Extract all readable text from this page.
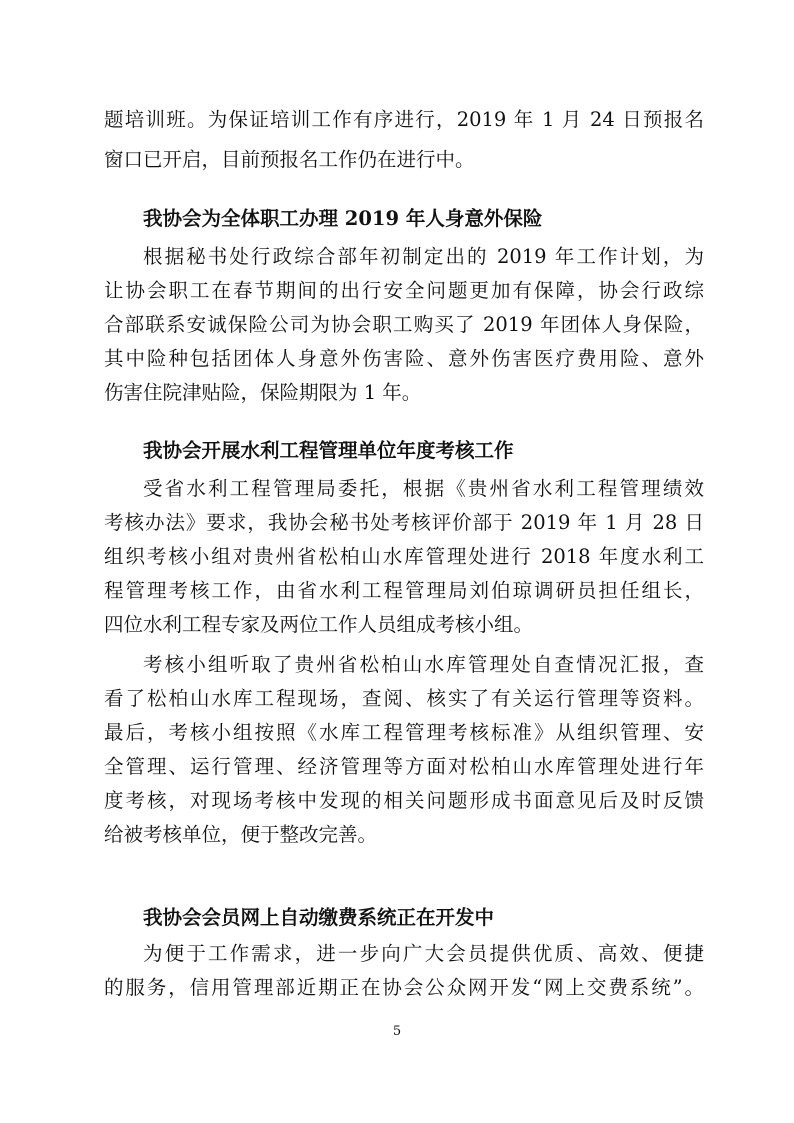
题培训班。为保证培训工作有序进行，2019 年 1 月 24 日预报名
窗口已开启，目前预报名工作仍在进行中。
我协会为全体职工办理 2019 年人身意外保险
根据秘书处行政综合部年初制定出的 2019 年工作计划，为
让协会职工在春节期间的出行安全问题更加有保障，协会行政综
合部联系安诚保险公司为协会职工购买了 2019 年团体人身保险，
其中险种包括团体人身意外伤害险、意外伤害医疗费用险、意外
伤害住院津贴险，保险期限为 1 年。
我协会开展水利工程管理单位年度考核工作
受省水利工程管理局委托，根据《贵州省水利工程管理绩效
考核办法》要求，我协会秘书处考核评价部于 2019 年 1 月 28 日
组织考核小组对贵州省松柏山水库管理处进行 2018 年度水利工
程管理考核工作，由省水利工程管理局刘伯琼调研员担任组长，
四位水利工程专家及两位工作人员组成考核小组。
考核小组听取了贵州省松柏山水库管理处自查情况汇报，查
看了松柏山水库工程现场，查阅、核实了有关运行管理等资料。
最后，考核小组按照《水库工程管理考核标准》从组织管理、安
全管理、运行管理、经济管理等方面对松柏山水库管理处进行年
度考核，对现场考核中发现的相关问题形成书面意见后及时反馈
给被考核单位，便于整改完善。
我协会会员网上自动缴费系统正在开发中
为便于工作需求，进一步向广大会员提供优质、高效、便捷
的服务，信用管理部近期正在协会公众网开发“网上交费系统”。
5
